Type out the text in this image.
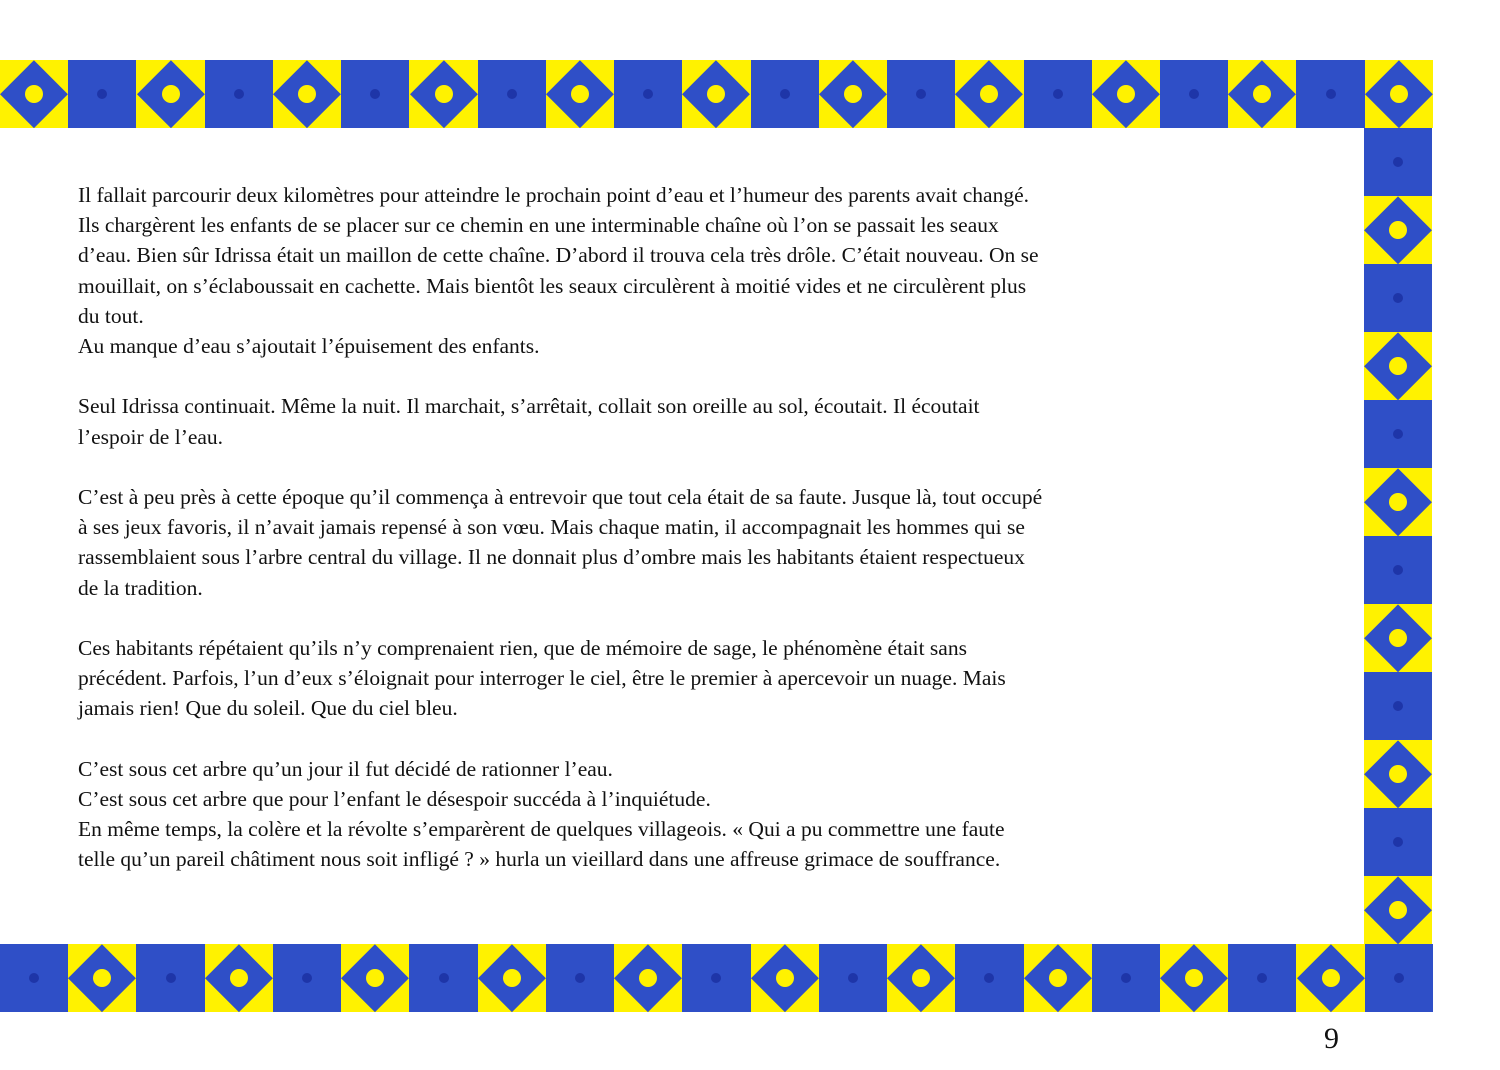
Il fallait parcourir deux kilomètres pour atteindre le prochain point d’eau et l’humeur des parents avait changé.
Ils chargèrent les enfants de se placer sur ce chemin en une interminable chaîne où l’on se passait les seaux
d’eau. Bien sûr Idrissa était un maillon de cette chaîne. D’abord il trouva cela très drôle. C’était nouveau. On se
mouillait, on s’éclaboussait en cachette. Mais bientôt les seaux circulèrent à moitié vides et ne circulèrent plus
du tout.
Au manque d’eau s’ajoutait l’épuisement des enfants.

Seul Idrissa continuait. Même la nuit. Il marchait, s’arrêtait, collait son oreille au sol, écoutait. Il écoutait
l’espoir de l’eau.

C’est à peu près à cette époque qu’il commença à entrevoir que tout cela était de sa faute. Jusque là, tout occupé
à ses jeux favoris, il n’avait jamais repensé à son vœu. Mais chaque matin, il accompagnait les hommes qui se
rassemblaient sous l’arbre central du village. Il ne donnait plus d’ombre mais les habitants étaient respectueux
de la tradition.

Ces habitants répétaient qu’ils n’y comprenaient rien, que de mémoire de sage, le phénomène était sans
précédent. Parfois, l’un d’eux s’éloignait pour interroger le ciel, être le premier à apercevoir un nuage. Mais
jamais rien! Que du soleil. Que du ciel bleu.

C’est sous cet arbre qu’un jour il fut décidé de rationner l’eau.
C’est sous cet arbre que pour l’enfant le désespoir succéda à l’inquiétude.
En même temps, la colère et la révolte s’emparèrent de quelques villageois. « Qui a pu commettre une faute
telle qu’un pareil châtiment nous soit infligé ? » hurla un vieillard dans une affreuse grimace de souffrance.

9
